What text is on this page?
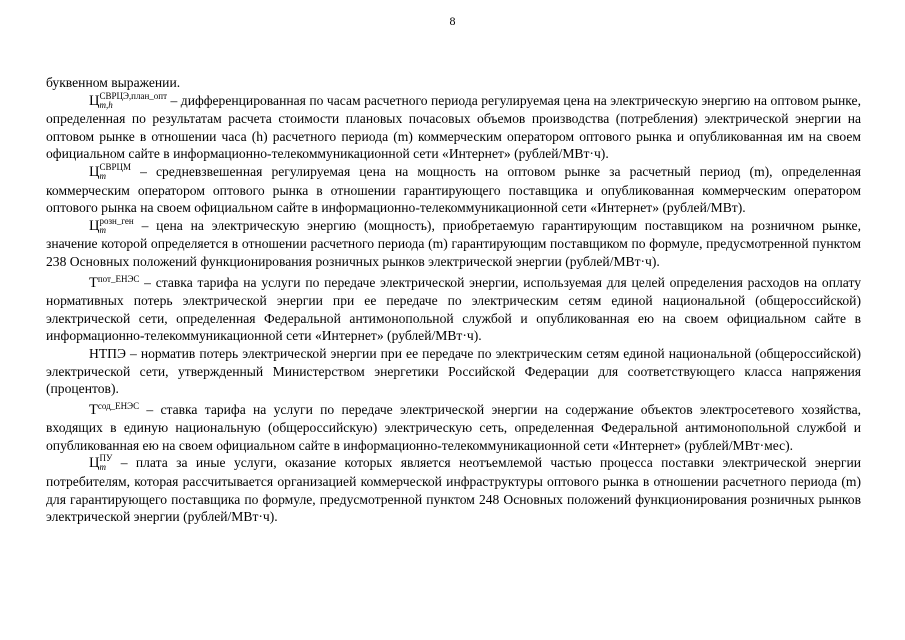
8

буквенном выражении.

Ц СВРЦЭ,план_опт
m,h	– дифференцированная по часам расчетного периода регулируемая цена на электрическую энергию на оптовом рынке, определенная по результатам расчета стоимости плановых почасовых объемов производства (потребления) электрической энергии на оптовом рынке в отношении часа (h) расчетного периода (m) коммерческим оператором оптового рынка и опубликованная им на своем официальном сайте в информационно-телекоммуникационной сети «Интернет» (рублей/МВт·ч).

Ц СВРЦМ
m	– средневзвешенная регулируемая цена на мощность на оптовом рынке за расчетный период (m), определенная коммерческим оператором оптового рынка в отношении гарантирующего поставщика и опубликованная коммерческим оператором оптового рынка на своем официальном сайте в информационно-телекоммуникационной сети «Интернет» (рублей/МВт).

Ц розн_ген
m	– цена на электрическую энергию (мощность), приобретаемую гарантирующим поставщиком на розничном рынке, значение которой определяется в отношении расчетного периода (m) гарантирующим поставщиком по формуле, предусмотренной пунктом 238 Основных положений функционирования розничных рынков электрической энергии (рублей/МВт·ч).

$Т^{пот\_ЕНЭС}$ – ставка тарифа на услуги по передаче электрической энергии, используемая для целей определения расходов на оплату нормативных потерь электрической энергии при ее передаче по электрическим сетям единой национальной (общероссийской) электрической сети, определенная Федеральной антимонопольной службой и опубликованная ею на своем официальном сайте в информационно-телекоммуникационной сети «Интернет» (рублей/МВт·ч).

НТПЭ – норматив потерь электрической энергии при ее передаче по электрическим сетям единой национальной (общероссийской) электрической сети, утвержденный Министерством энергетики Российской Федерации для соответствующего класса напряжения (процентов).

$Т^{сод\_ЕНЭС}$ – ставка тарифа на услуги по передаче электрической энергии на содержание объектов электросетевого хозяйства, входящих в единую национальную (общероссийскую) электрическую сеть, определенная Федеральной антимонопольной службой и опубликованная ею на своем официальном сайте в информационно-телекоммуникационной сети «Интернет» (рублей/МВт·мес).

Ц ПУ
m – плата за иные услуги, оказание которых является неотъемлемой частью процесса поставки электрической энергии потребителям, которая рассчитывается организацией коммерческой инфраструктуры оптового рынка в отношении расчетного периода (m) для гарантирующего поставщика по формуле, предусмотренной пунктом 248 Основных положений функционирования розничных рынков электрической энергии (рублей/МВт·ч).
